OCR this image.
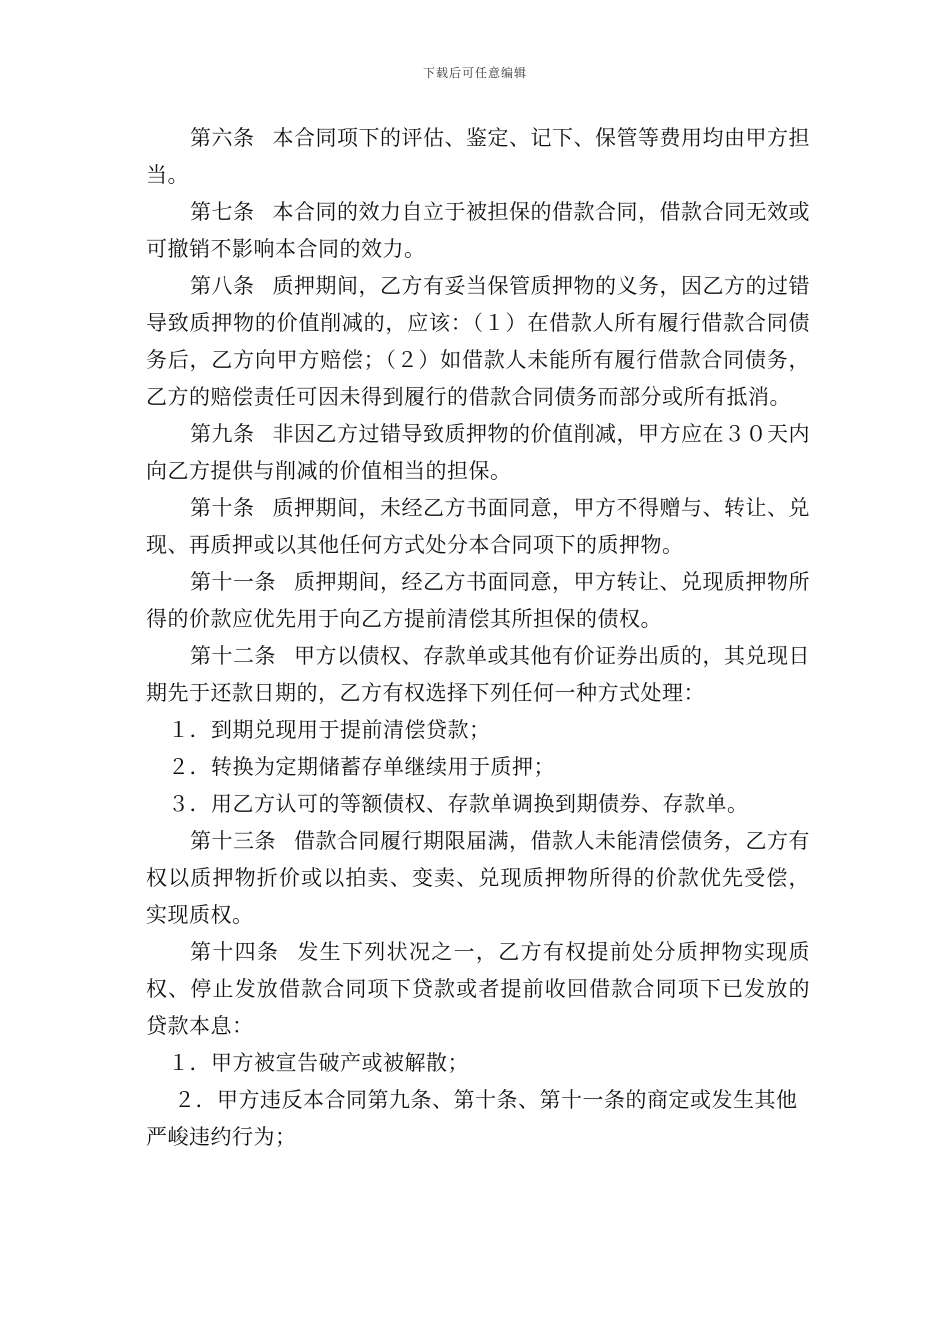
下载后可任意编辑

第六条 本合同项下的评估、鉴定、记下、保管等费用均由甲方担当。

第七条 本合同的效力自立于被担保的借款合同，借款合同无效或可撤销不影响本合同的效力。

第八条 质押期间，乙方有妥当保管质押物的义务，因乙方的过错导致质押物的价值削减的，应该：（１）在借款人所有履行借款合同债务后，乙方向甲方赔偿；（２）如借款人未能所有履行借款合同债务，乙方的赔偿责任可因未得到履行的借款合同债务而部分或所有抵消。

第九条 非因乙方过错导致质押物的价值削减，甲方应在３０天内向乙方提供与削减的价值相当的担保。

第十条 质押期间，未经乙方书面同意，甲方不得赠与、转让、兑现、再质押或以其他任何方式处分本合同项下的质押物。

第十一条 质押期间，经乙方书面同意，甲方转让、兑现质押物所得的价款应优先用于向乙方提前清偿其所担保的债权。

第十二条 甲方以债权、存款单或其他有价证券出质的，其兑现日期先于还款日期的，乙方有权选择下列任何一种方式处理：

１．到期兑现用于提前清偿贷款；

２．转换为定期储蓄存单继续用于质押；

３．用乙方认可的等额债权、存款单调换到期债券、存款单。

第十三条 借款合同履行期限届满，借款人未能清偿债务，乙方有权以质押物折价或以拍卖、变卖、兑现质押物所得的价款优先受偿，实现质权。

第十四条 发生下列状况之一，乙方有权提前处分质押物实现质权、停止发放借款合同项下贷款或者提前收回借款合同项下已发放的贷款本息：

１．甲方被宣告破产或被解散；

２．甲方违反本合同第九条、第十条、第十一条的商定或发生其他严峻违约行为；
